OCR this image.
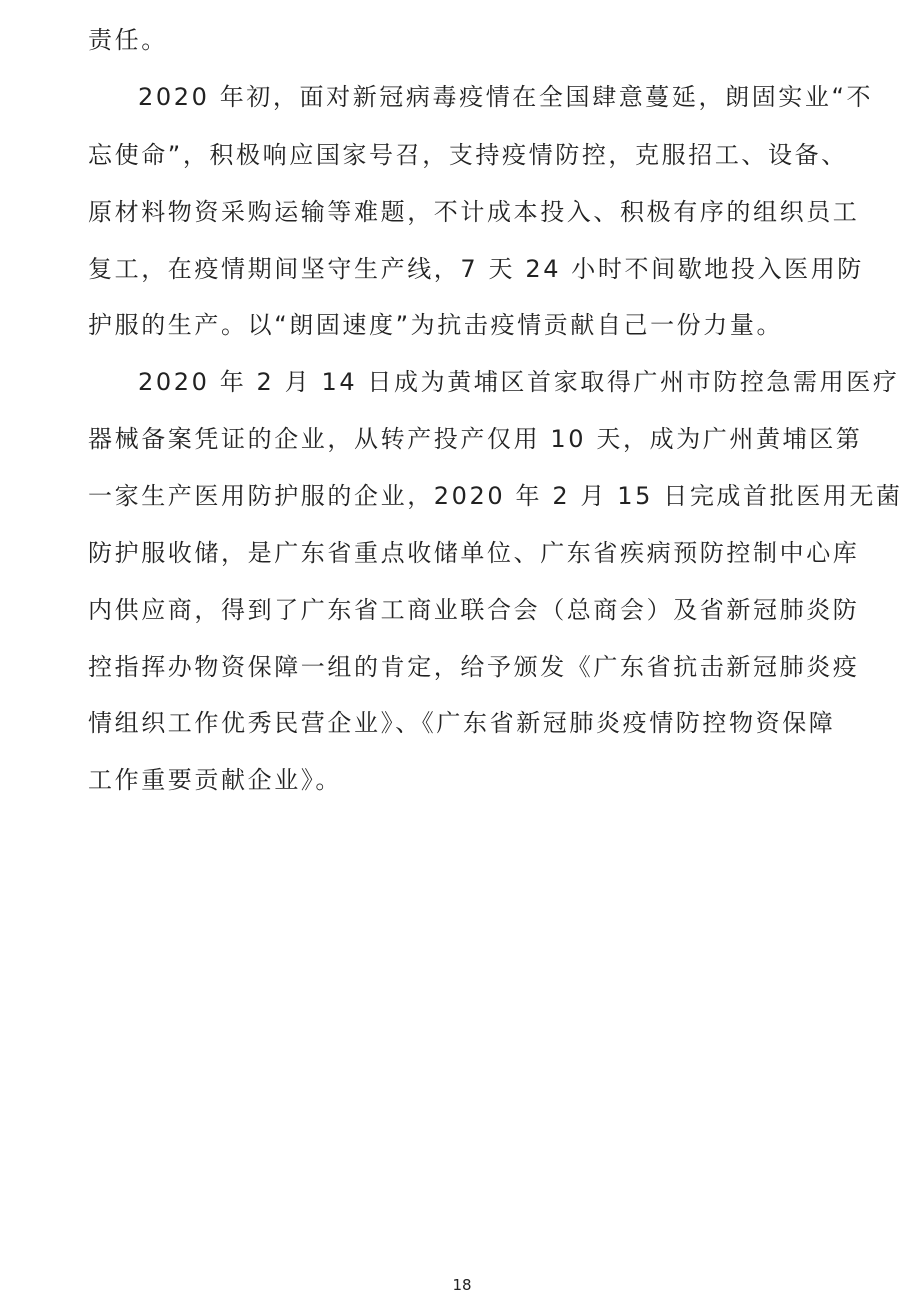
责任。
2020 年初，面对新冠病毒疫情在全国肆意蔓延，朗固实业“不
忘使命”，积极响应国家号召，支持疫情防控，克服招工、设备、
原材料物资采购运输等难题，不计成本投入、积极有序的组织员工
复工，在疫情期间坚守生产线，7 天 24 小时不间歇地投入医用防
护服的生产。以“朗固速度”为抗击疫情贡献自己一份力量。
2020 年 2 月 14 日成为黄埔区首家取得广州市防控急需用医疗
器械备案凭证的企业，从转产投产仅用 10 天，成为广州黄埔区第
一家生产医用防护服的企业，2020 年 2 月 15 日完成首批医用无菌
防护服收储，是广东省重点收储单位、广东省疾病预防控制中心库
内供应商，得到了广东省工商业联合会（总商会）及省新冠肺炎防
控指挥办物资保障一组的肯定，给予颁发《广东省抗击新冠肺炎疫
情组织工作优秀民营企业》、《广东省新冠肺炎疫情防控物资保障
工作重要贡献企业》。
18
